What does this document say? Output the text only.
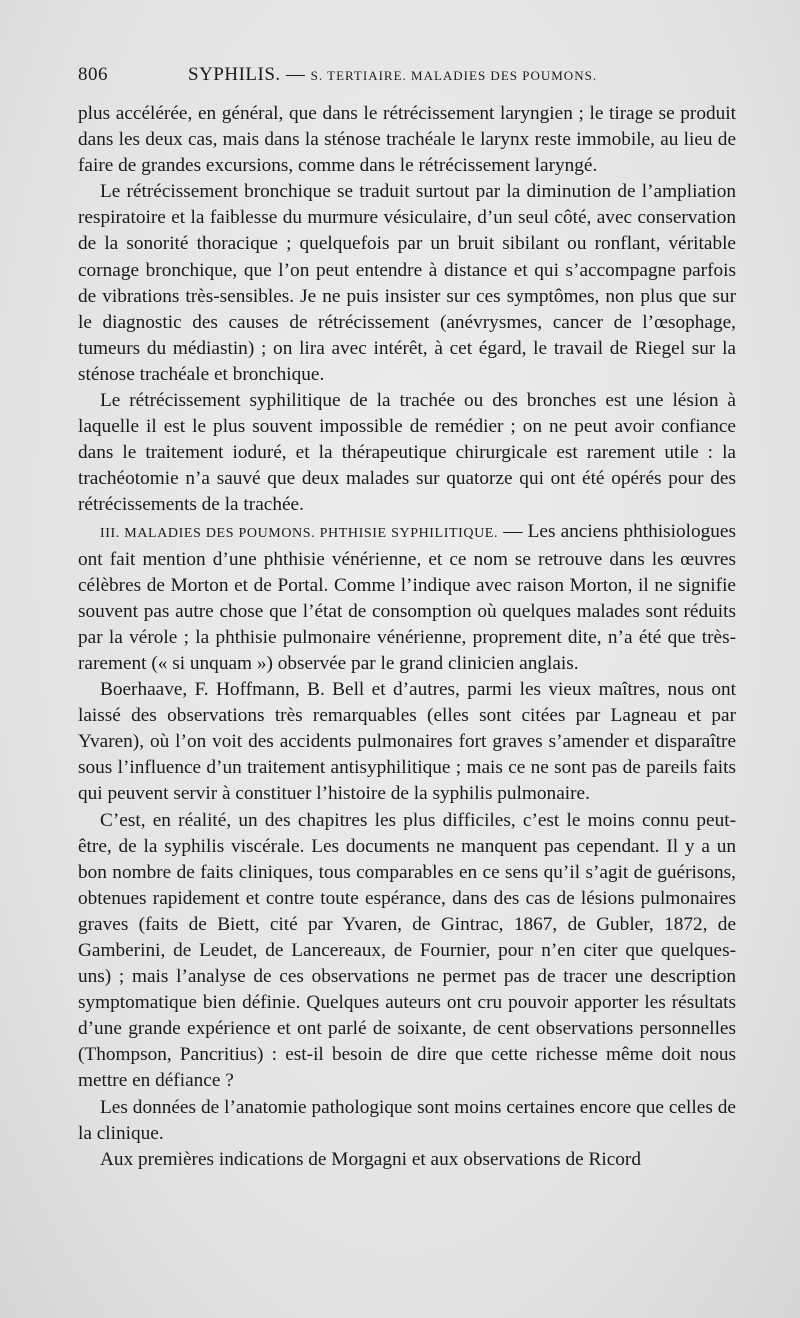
806	SYPHILIS. — S. TERTIAIRE. MALADIES DES POUMONS.

plus accélérée, en général, que dans le rétrécissement laryngien ; le tirage se produit dans les deux cas, mais dans la sténose trachéale le larynx reste immobile, au lieu de faire de grandes excursions, comme dans le rétrécissement laryngé.

Le rétrécissement bronchique se traduit surtout par la diminution de l’ampliation respiratoire et la faiblesse du murmure vésiculaire, d’un seul côté, avec conservation de la sonorité thoracique ; quelquefois par un bruit sibilant ou ronflant, véritable cornage bronchique, que l’on peut entendre à distance et qui s’accompagne parfois de vibrations très-sensibles. Je ne puis insister sur ces symptômes, non plus que sur le diagnostic des causes de rétrécissement (anévrysmes, cancer de l’œsophage, tumeurs du médiastin) ; on lira avec intérêt, à cet égard, le travail de Riegel sur la sténose trachéale et bronchique.

Le rétrécissement syphilitique de la trachée ou des bronches est une lésion à laquelle il est le plus souvent impossible de remédier ; on ne peut avoir confiance dans le traitement ioduré, et la thérapeutique chirurgicale est rarement utile : la trachéotomie n’a sauvé que deux malades sur quatorze qui ont été opérés pour des rétrécissements de la trachée.

III. MALADIES DES POUMONS. PHTHISIE SYPHILITIQUE. — Les anciens phthisiologues ont fait mention d’une phthisie vénérienne, et ce nom se retrouve dans les œuvres célèbres de Morton et de Portal. Comme l’indique avec raison Morton, il ne signifie souvent pas autre chose que l’état de consomption où quelques malades sont réduits par la vérole ; la phthisie pulmonaire vénérienne, proprement dite, n’a été que très-rarement (« si unquam ») observée par le grand clinicien anglais.

Boerhaave, F. Hoffmann, B. Bell et d’autres, parmi les vieux maîtres, nous ont laissé des observations très remarquables (elles sont citées par Lagneau et par Yvaren), où l’on voit des accidents pulmonaires fort graves s’amender et disparaître sous l’influence d’un traitement antisyphilitique ; mais ce ne sont pas de pareils faits qui peuvent servir à constituer l’histoire de la syphilis pulmonaire.

C’est, en réalité, un des chapitres les plus difficiles, c’est le moins connu peut-être, de la syphilis viscérale. Les documents ne manquent pas cependant. Il y a un bon nombre de faits cliniques, tous comparables en ce sens qu’il s’agit de guérisons, obtenues rapidement et contre toute espérance, dans des cas de lésions pulmonaires graves (faits de Biett, cité par Yvaren, de Gintrac, 1867, de Gubler, 1872, de Gamberini, de Leudet, de Lancereaux, de Fournier, pour n’en citer que quelques-uns) ; mais l’analyse de ces observations ne permet pas de tracer une description symptomatique bien définie. Quelques auteurs ont cru pouvoir apporter les résultats d’une grande expérience et ont parlé de soixante, de cent observations personnelles (Thompson, Pancritius) : est-il besoin de dire que cette richesse même doit nous mettre en défiance ?

Les données de l’anatomie pathologique sont moins certaines encore que celles de la clinique.

Aux premières indications de Morgagni et aux observations de Ricord
